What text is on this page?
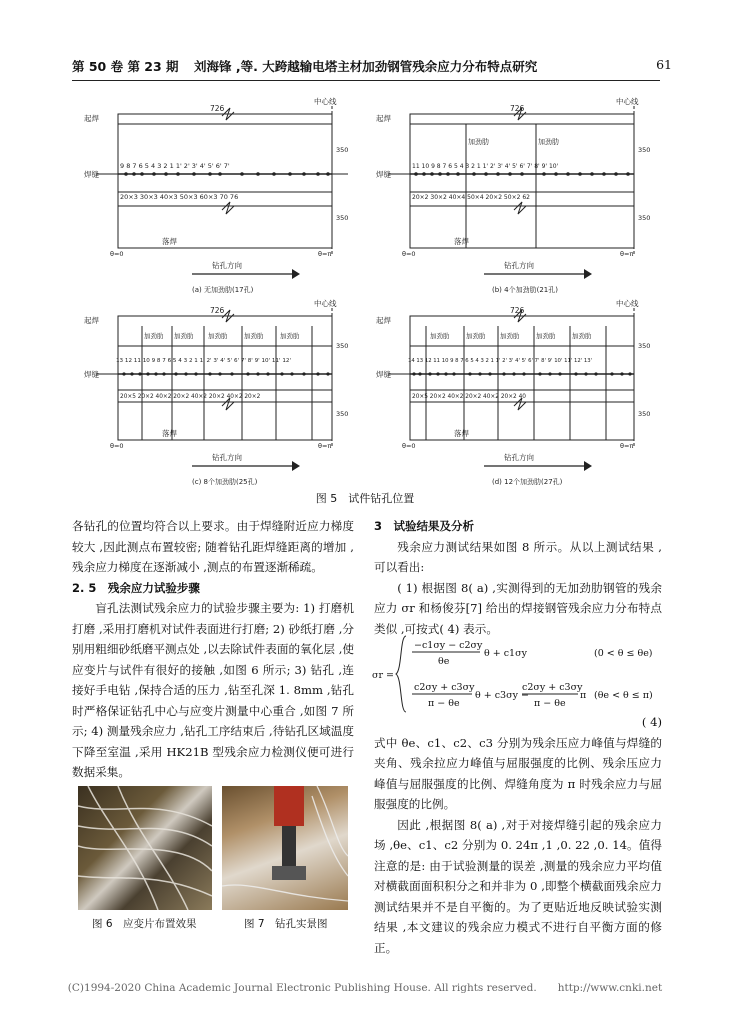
第 50 卷 第 23 期 刘海锋 ,等. 大跨越输电塔主材加劲钢管残余应力分布特点研究	61
726
中心线
起焊
焊缝
落焊
9 8 7 6 5 4 3 2 1 1' 2' 3' 4' 5' 6' 7'
20×3 30×3 40×3 50×3 60×3 70 76
θ=0	θ=π
350
350
钻孔方向
(a) 无加劲肋(17孔)
726
中心线
起焊
焊缝
加劲肋	加劲肋
落焊
11 10 9 8 7 6 5 4 3 2 1 1' 2' 3' 4' 5' 6' 7' 8' 9' 10'
20×2 30×2 40×4 50×4 20×2 50×2 62
θ=0	θ=π
350
350
钻孔方向
(b) 4个加劲肋(21孔)
726
中心线
起焊
焊缝
加劲肋 加劲肋 加劲肋	加劲肋	加劲肋
落焊
13 12 11 10 9 8 7 6 5 4 3 2 1 1' 2' 3' 4' 5' 6' 7' 8' 9' 10' 11' 12'
20×5 20×2 40×2 20×2 40×2 20×2 40×2 20×2
θ=0	θ=π
350
350
钻孔方向
(c) 8个加劲肋(25孔)
726
中心线
起焊
焊缝
加劲肋	加劲肋 加劲肋	加劲肋	加劲肋
落焊
14 13 12 11 10 9 8 7 6 5 4 3 2 1 1' 2' 3' 4' 5' 6' 7' 8' 9' 10' 11' 12' 13'
20×5 20×2 40×2 20×2 40×2 20×2 40
θ=0	θ=π
350
350
钻孔方向
(d) 12个加劲肋(27孔)
图 5　试件钻孔位置

各钻孔的位置均符合以上要求。由于焊缝附近应力梯度较大 ,因此测点布置较密; 随着钻孔距焊缝距离的增加 ,残余应力梯度在逐渐减小 ,测点的布置逐渐稀疏。

2. 5　残余应力试验步骤

盲孔法测试残余应力的试验步骤主要为: 1) 打磨机打磨 ,采用打磨机对试件表面进行打磨; 2) 砂纸打磨 ,分别用粗细砂纸磨平测点处 ,以去除试件表面的氧化层 ,使应变片与试件有很好的接触 ,如图 6 所示; 3) 钻孔 ,连接好手电钻 ,保持合适的压力 ,钻至孔深 1. 8mm ,钻孔时严格保证钻孔中心与应变片测量中心重合 ,如图 7 所示; 4) 测量残余应力 ,钻孔工序结束后 ,待钻孔区域温度下降至室温 ,采用 HK21B 型残余应力检测仪便可进行数据采集。

图 6　应变片布置效果	图 7　钻孔实景图

3　试验结果及分析

残余应力测试结果如图 8 所示。从以上测试结果 ,可以看出:

( 1) 根据图 8( a) ,实测得到的无加劲肋钢管的残余应力 σr 和杨俊芬[7] 给出的焊接钢管残余应力分布特点类似 ,可按式( 4) 表示。

σr =
−c1σy − c2σy
θe
θ + c1σy	(0 < θ ≤ θe)
c2σy + c3σy
π − θe
θ + c3σy −
c2σy + c3σy
π − θe
π (θe < θ ≤ π)

( 4)

式中 θe、c1、c2、c3 分别为残余压应力峰值与焊缝的夹角、残余拉应力峰值与屈服强度的比例、残余压应力峰值与屈服强度的比例、焊缝角度为 π 时残余应力与屈服强度的比例。

因此 ,根据图 8( a) ,对于对接焊缝引起的残余应力场 ,θe、c1、c2 分别为 0. 24π ,1 ,0. 22 ,0. 14。值得注意的是: 由于试验测量的误差 ,测量的残余应力平均值对横截面面积积分之和并非为 0 ,即整个横截面残余应力测试结果并不是自平衡的。为了更贴近地反映试验实测结果 ,本文建议的残余应力模式不进行自平衡方面的修正。

(C)1994-2020 China Academic Journal Electronic Publishing House. All rights reserved.　　http://www.cnki.net
